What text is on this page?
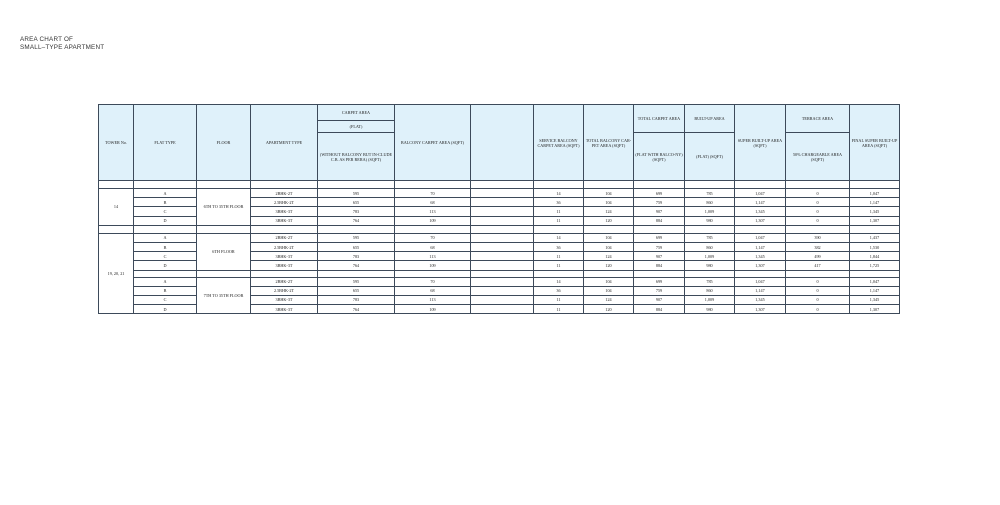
AREA CHART OF
SMALL–TYPE APARTMENT
TOWER No.	FLAT TYPE	FLOOR	APARTMENT TYPE	CARPET AREA	BALCONY CARPET AREA (SQFT)		SERVICE BALCONY CARPET AREA (SQFT)	TOTAL BALCONY CAR-PET AREA (SQFT)	TOTAL CARPET AREA	BUILT-UP AREA	SUPER BUILT-UP AREA (SQFT)	TERRACE AREA	FINAL SUPER BUILT-UP AREA (SQFT)
				(FLAT)									
				(WITHOUT BALCONY BUT IN-CLUDE C.B. AS PER RERA) (SQFT)					(FLAT WITH BALCO-NY) (SQFT)	(FLAT) (SQFT)		50% CHARGEABLE AREA (SQFT)	

14	A	6TH TO 35TH FLOOR	2BHK-2T	595	70		14	104	699	785	1,047	0	1,047
	B		2.5BHK-2T	655	68		36	104	759	860	1,147	0	1,147
	C		3BHK-3T	783	113		11	124	907	1,009	1,345	0	1,345
	D		3BHK-3T	764	109		11	120	884	980	1,307	0	1,307

19, 20, 21	A	6TH FLOOR	2BHK-2T	595	70		14	104	699	785	1,047	390	1,437
	B		2.5BHK-2T	655	68		36	104	759	860	1,147	382	1,530
	C		3BHK-3T	783	113		11	124	907	1,009	1,345	499	1,844
	D		3BHK-3T	764	109		11	120	884	980	1,307	417	1,725

	A	7TH TO 35TH FLOOR	2BHK-2T	595	70		14	104	699	785	1,047	0	1,047
	B		2.5BHK-2T	655	68		36	104	759	860	1,147	0	1,147
	C		3BHK-3T	783	113		11	124	907	1,009	1,345	0	1,345
	D		3BHK-3T	764	109		11	120	884	980	1,307	0	1,307
